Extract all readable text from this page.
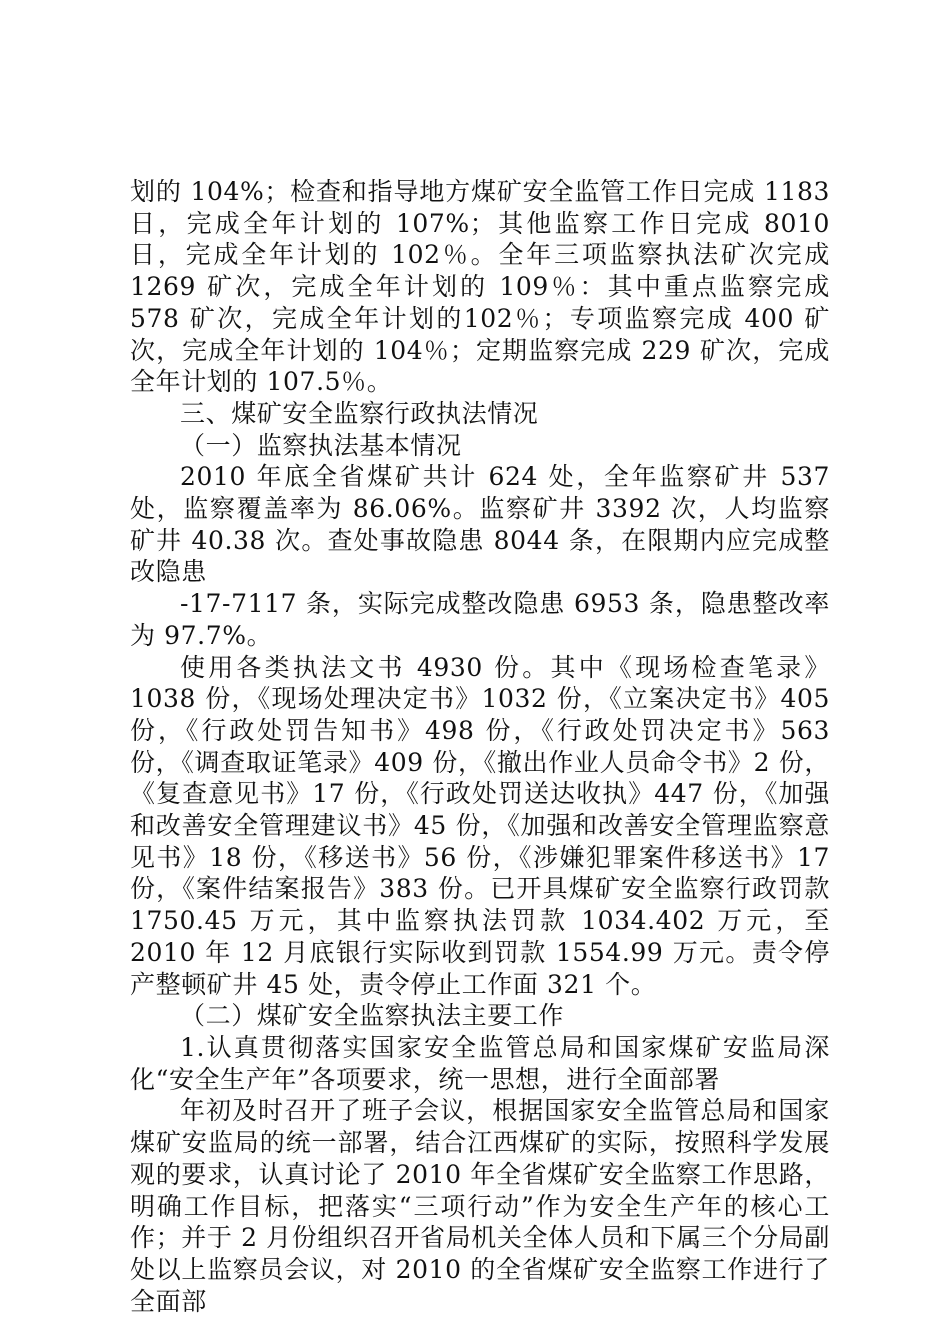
划的 104%；检查和指导地方煤矿安全监管工作日完成 1183 日，完成全年计划的 107%；其他监察工作日完成 8010 日，完成全年计划的 102％。全年三项监察执法矿次完成 1269 矿次，完成全年计划的 109％：其中重点监察完成 578 矿次，完成全年计划的102％；专项监察完成 400 矿次，完成全年计划的 104％；定期监察完成 229 矿次，完成全年计划的 107.5％。

三、煤矿安全监察行政执法情况

（一）监察执法基本情况

2010 年底全省煤矿共计 624 处，全年监察矿井 537 处，监察覆盖率为 86.06%。监察矿井 3392 次，人均监察矿井 40.38 次。查处事故隐患 8044 条，在限期内应完成整改隐患

-17-7117 条，实际完成整改隐患 6953 条，隐患整改率为 97.7%。

使用各类执法文书 4930 份。其中《现场检查笔录》1038 份，《现场处理决定书》1032 份，《立案决定书》405 份，《行政处罚告知书》498 份，《行政处罚决定书》563 份，《调查取证笔录》409 份，《撤出作业人员命令书》2 份，《复查意见书》17 份，《行政处罚送达收执》447 份，《加强和改善安全管理建议书》45 份，《加强和改善安全管理监察意见书》18 份，《移送书》56 份，《涉嫌犯罪案件移送书》17 份，《案件结案报告》383 份。已开具煤矿安全监察行政罚款 1750.45 万元，其中监察执法罚款 1034.402 万元，至 2010 年 12 月底银行实际收到罚款 1554.99 万元。责令停产整顿矿井 45 处，责令停止工作面 321 个。

（二）煤矿安全监察执法主要工作

1.认真贯彻落实国家安全监管总局和国家煤矿安监局深化“安全生产年”各项要求，统一思想，进行全面部署

年初及时召开了班子会议，根据国家安全监管总局和国家煤矿安监局的统一部署，结合江西煤矿的实际，按照科学发展观的要求，认真讨论了 2010 年全省煤矿安全监察工作思路，明确工作目标，把落实“三项行动”作为安全生产年的核心工作；并于 2 月份组织召开省局机关全体人员和下属三个分局副处以上监察员会议，对 2010 的全省煤矿安全监察工作进行了全面部
